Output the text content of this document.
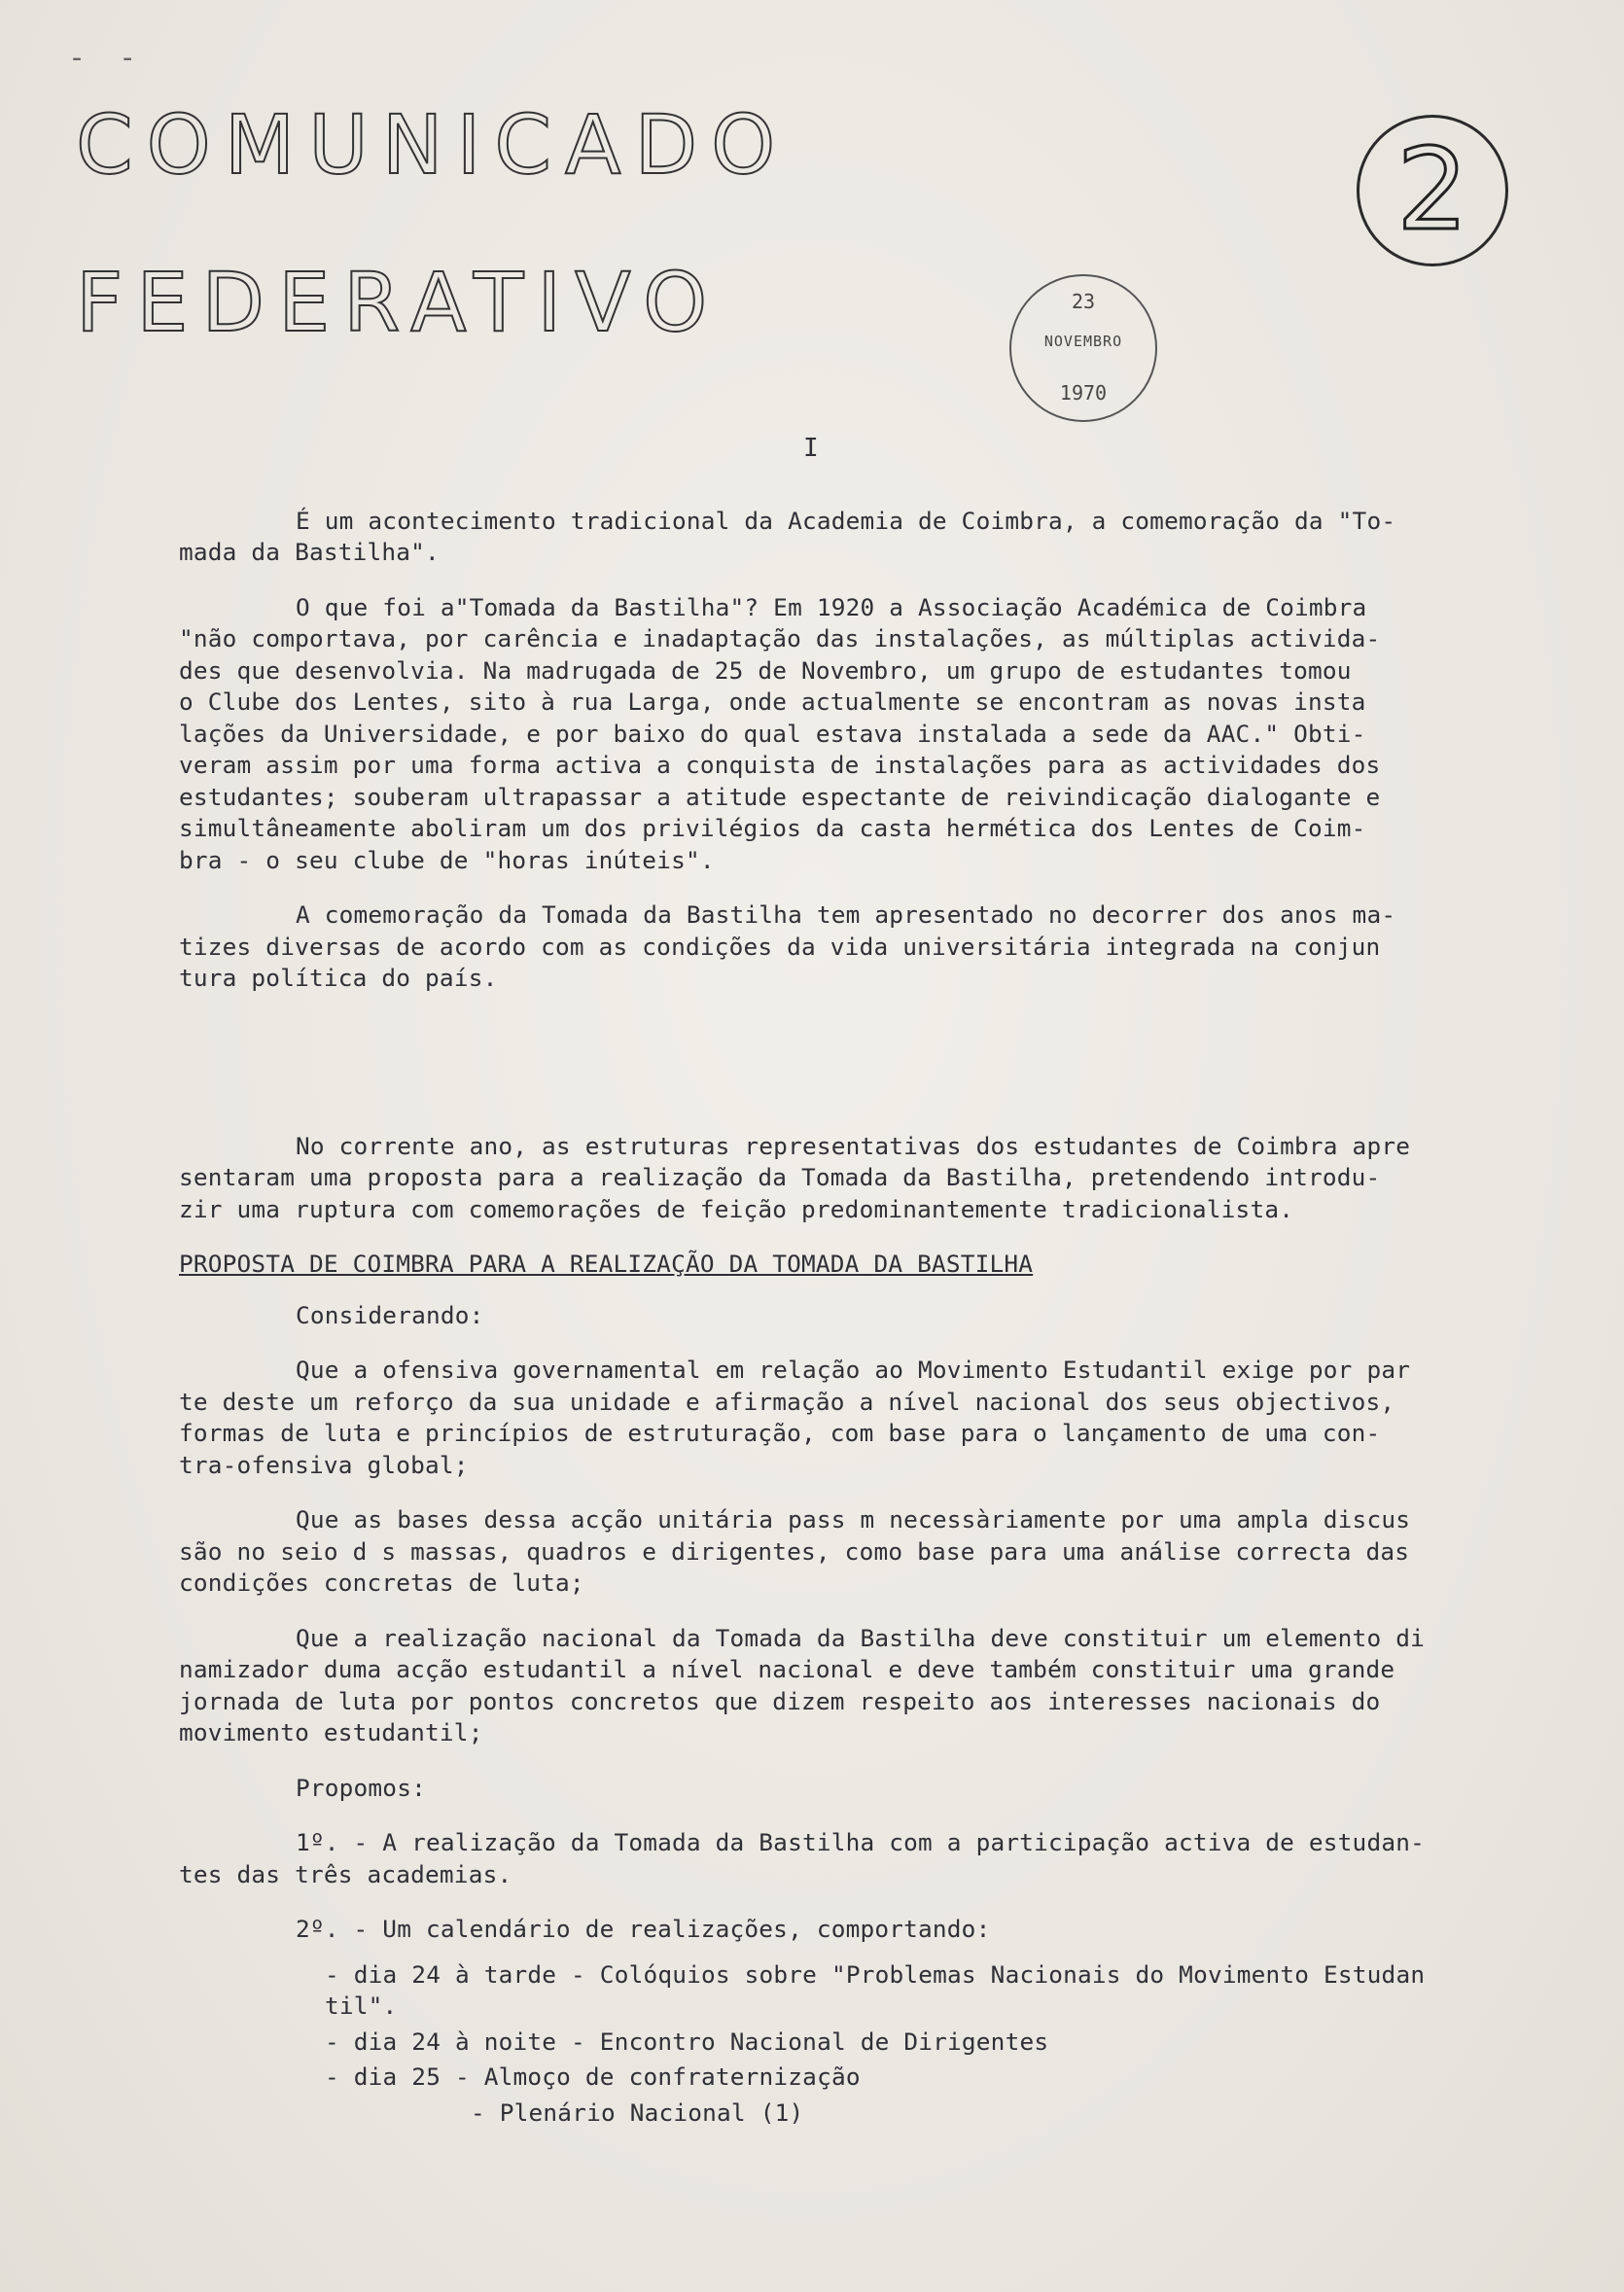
- -
COMUNICADO
FEDERATIVO
2
23
NOVEMBRO
1970
I
É um acontecimento tradicional da Academia de Coimbra, a comemoração da "To-
mada da Bastilha".
O que foi a"Tomada da Bastilha"? Em 1920 a Associação Académica de Coimbra
"não comportava, por carência e inadaptação das instalações, as múltiplas activida-
des que desenvolvia. Na madrugada de 25 de Novembro, um grupo de estudantes tomou
o Clube dos Lentes, sito à rua Larga, onde actualmente se encontram as novas insta
lações da Universidade, e por baixo do qual estava instalada a sede da AAC." Obti-
veram assim por uma forma activa a conquista de instalações para as actividades dos
estudantes; souberam ultrapassar a atitude espectante de reivindicação dialogante e
simultâneamente aboliram um dos privilégios da casta hermética dos Lentes de Coim-
bra - o seu clube de "horas inúteis".
A comemoração da Tomada da Bastilha tem apresentado no decorrer dos anos ma-
tizes diversas de acordo com as condições da vida universitária integrada na conjun
tura política do país.
No corrente ano, as estruturas representativas dos estudantes de Coimbra apre
sentaram uma proposta para a realização da Tomada da Bastilha, pretendendo introdu-
zir uma ruptura com comemorações de feição predominantemente tradicionalista.
PROPOSTA DE COIMBRA PARA A REALIZAÇÃO DA TOMADA DA BASTILHA
Considerando:
Que a ofensiva governamental em relação ao Movimento Estudantil exige por par
te deste um reforço da sua unidade e afirmação a nível nacional dos seus objectivos,
formas de luta e princípios de estruturação, com base para o lançamento de uma con-
tra-ofensiva global;
Que as bases dessa acção unitária pass m necessàriamente por uma ampla discus
são no seio d s massas, quadros e dirigentes, como base para uma análise correcta das
condições concretas de luta;
Que a realização nacional da Tomada da Bastilha deve constituir um elemento di
namizador duma acção estudantil a nível nacional e deve também constituir uma grande
jornada de luta por pontos concretos que dizem respeito aos interesses nacionais do
movimento estudantil;
Propomos:
1º. - A realização da Tomada da Bastilha com a participação activa de estudan-
tes das três academias.
2º. - Um calendário de realizações, comportando:
- dia 24 à tarde - Colóquios sobre "Problemas Nacionais do Movimento Estudan
til".
- dia 24 à noite - Encontro Nacional de Dirigentes
- dia 25 - Almoço de confraternização
- Plenário Nacional (1)
